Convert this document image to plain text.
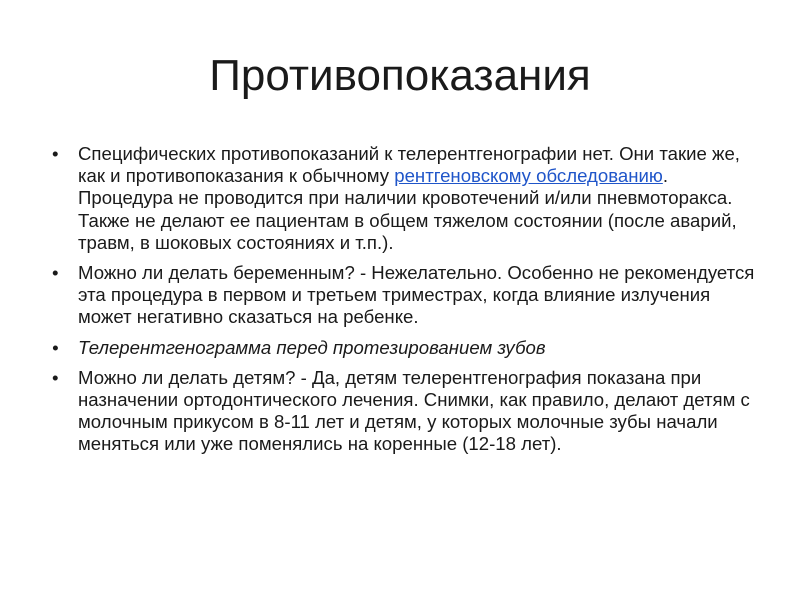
Противопоказания
• Специфических противопоказаний к телерентгенографии нет. Они такие же, как и противопоказания к обычному рентгеновскому обследованию. Процедура не проводится при наличии кровотечений и/или пневмоторакса. Также не делают ее пациентам в общем тяжелом состоянии (после аварий, травм, в шоковых состояниях и т.п.).
• Можно ли делать беременным? - Нежелательно. Особенно не рекомендуется эта процедура в первом и третьем триместрах, когда влияние излучения может негативно сказаться на ребенке.
• Телерентгенограмма перед протезированием зубов
• Можно ли делать детям? - Да, детям телерентгенография показана при назначении ортодонтического лечения. Снимки, как правило, делают детям с молочным прикусом в 8-11 лет и детям, у которых молочные зубы начали меняться или уже поменялись на коренные (12-18 лет).
